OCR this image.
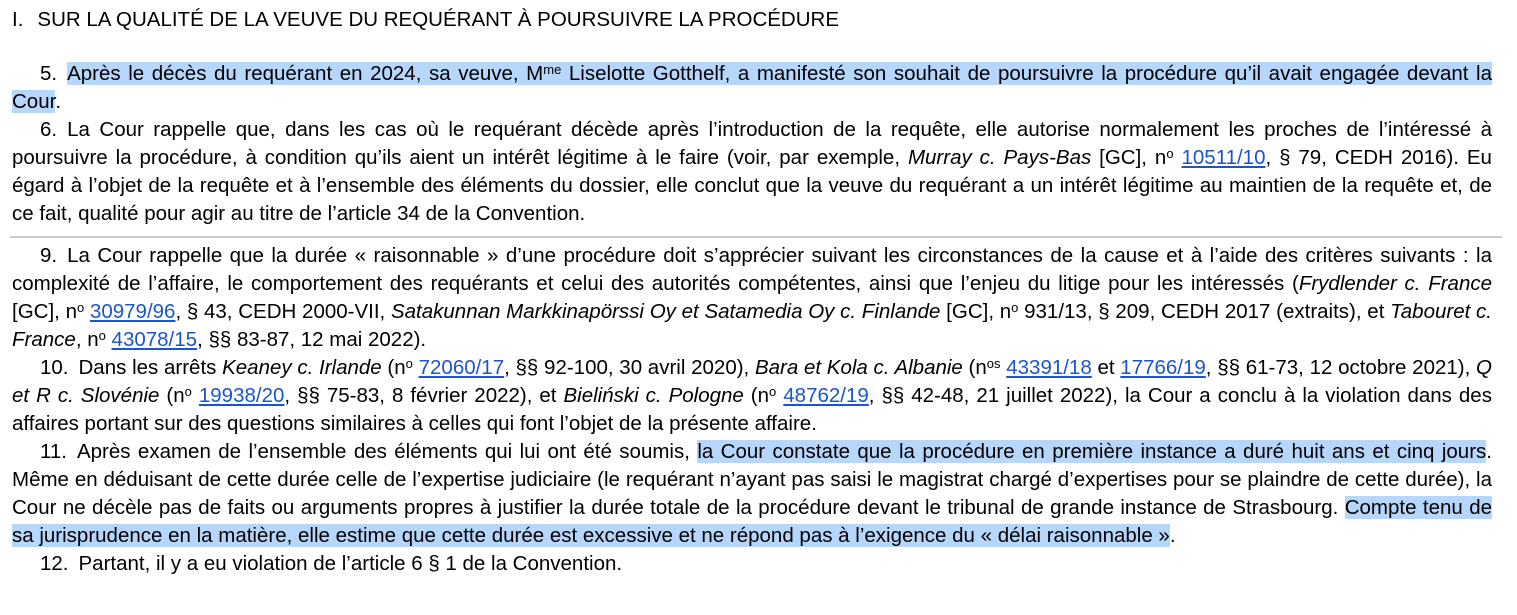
I. SUR LA QUALITÉ DE LA VEUVE DU REQUÉRANT À POURSUIVRE LA PROCÉDURE

5. Après le décès du requérant en 2024, sa veuve, $M^{me}$ Liselotte Gotthelf, a manifesté son souhait de poursuivre la procédure qu’il avait engagée devant la Cour.

6. La Cour rappelle que, dans les cas où le requérant décède après l’introduction de la requête, elle autorise normalement les proches de l’intéressé à poursuivre la procédure, à condition qu’ils aient un intérêt légitime à le faire (voir, par exemple, Murray c. Pays-Bas [GC], $n^o$ 10511/10, § 79, CEDH 2016). Eu égard à l’objet de la requête et à l’ensemble des éléments du dossier, elle conclut que la veuve du requérant a un intérêt légitime au maintien de la requête et, de ce fait, qualité pour agir au titre de l’article 34 de la Convention.

9. La Cour rappelle que la durée « raisonnable » d’une procédure doit s’apprécier suivant les circonstances de la cause et à l’aide des critères suivants : la complexité de l’affaire, le comportement des requérants et celui des autorités compétentes, ainsi que l’enjeu du litige pour les intéressés (Frydlender c. France [GC], $n^o$ 30979/96, § 43, CEDH 2000-VII, Satakunnan Markkinapörssi Oy et Satamedia Oy c. Finlande [GC], $n^o$ 931/13, § 209, CEDH 2017 (extraits), et Tabouret c. France, $n^o$ 43078/15, §§ 83-87, 12 mai 2022).

10. Dans les arrêts Keaney c. Irlande ($n^o$ 72060/17, §§ 92-100, 30 avril 2020), Bara et Kola c. Albanie ($n^{os}$ 43391/18 et 17766/19, §§ 61-73, 12 octobre 2021), Q et R c. Slovénie ($n^o$ 19938/20, §§ 75-83, 8 février 2022), et Bieliński c. Pologne ($n^o$ 48762/19, §§ 42-48, 21 juillet 2022), la Cour a conclu à la violation dans des affaires portant sur des questions similaires à celles qui font l’objet de la présente affaire.

11. Après examen de l’ensemble des éléments qui lui ont été soumis, la Cour constate que la procédure en première instance a duré huit ans et cinq jours. Même en déduisant de cette durée celle de l’expertise judiciaire (le requérant n’ayant pas saisi le magistrat chargé d’expertises pour se plaindre de cette durée), la Cour ne décèle pas de faits ou arguments propres à justifier la durée totale de la procédure devant le tribunal de grande instance de Strasbourg. Compte tenu de sa jurisprudence en la matière, elle estime que cette durée est excessive et ne répond pas à l’exigence du « délai raisonnable ».

12. Partant, il y a eu violation de l’article 6 § 1 de la Convention.
